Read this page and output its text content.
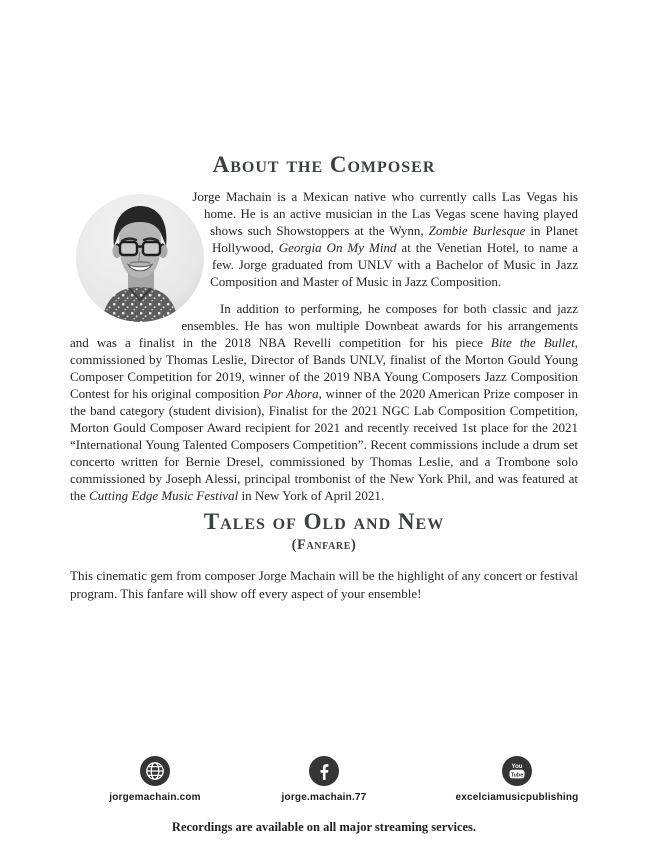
About the Composer

Jorge Machain is a Mexican native who currently calls Las Vegas his home. He is an active musician in the Las Vegas scene having played shows such Showstoppers at the Wynn, Zombie Burlesque in Planet Hollywood, Georgia On My Mind at the Venetian Hotel, to name a few. Jorge graduated from UNLV with a Bachelor of Music in Jazz Composition and Master of Music in Jazz Composition.

In addition to performing, he composes for both classic and jazz ensembles. He has won multiple Downbeat awards for his arrangements and was a finalist in the 2018 NBA Revelli competition for his piece Bite the Bullet, commissioned by Thomas Leslie, Director of Bands UNLV, finalist of the Morton Gould Young Composer Competition for 2019, winner of the 2019 NBA Young Composers Jazz Composition Contest for his original composition Por Ahora, winner of the 2020 American Prize composer in the band category (student division), Finalist for the 2021 NGC Lab Composition Competition, Morton Gould Composer Award recipient for 2021 and recently received 1st place for the 2021 “International Young Talented Composers Competition”. Recent commissions include a drum set concerto written for Bernie Dresel, commissioned by Thomas Leslie, and a Trombone solo commissioned by Joseph Alessi, principal trombonist of the New York Phil, and was featured at the Cutting Edge Music Festival in New York of April 2021.

Tales of Old and New
(Fanfare)

This cinematic gem from composer Jorge Machain will be the highlight of any concert or festival program. This fanfare will show off every aspect of your ensemble!

jorgemachain.com	jorge.machain.77
You
Tube
excelciamusicpublishing

Recordings are available on all major streaming services.
